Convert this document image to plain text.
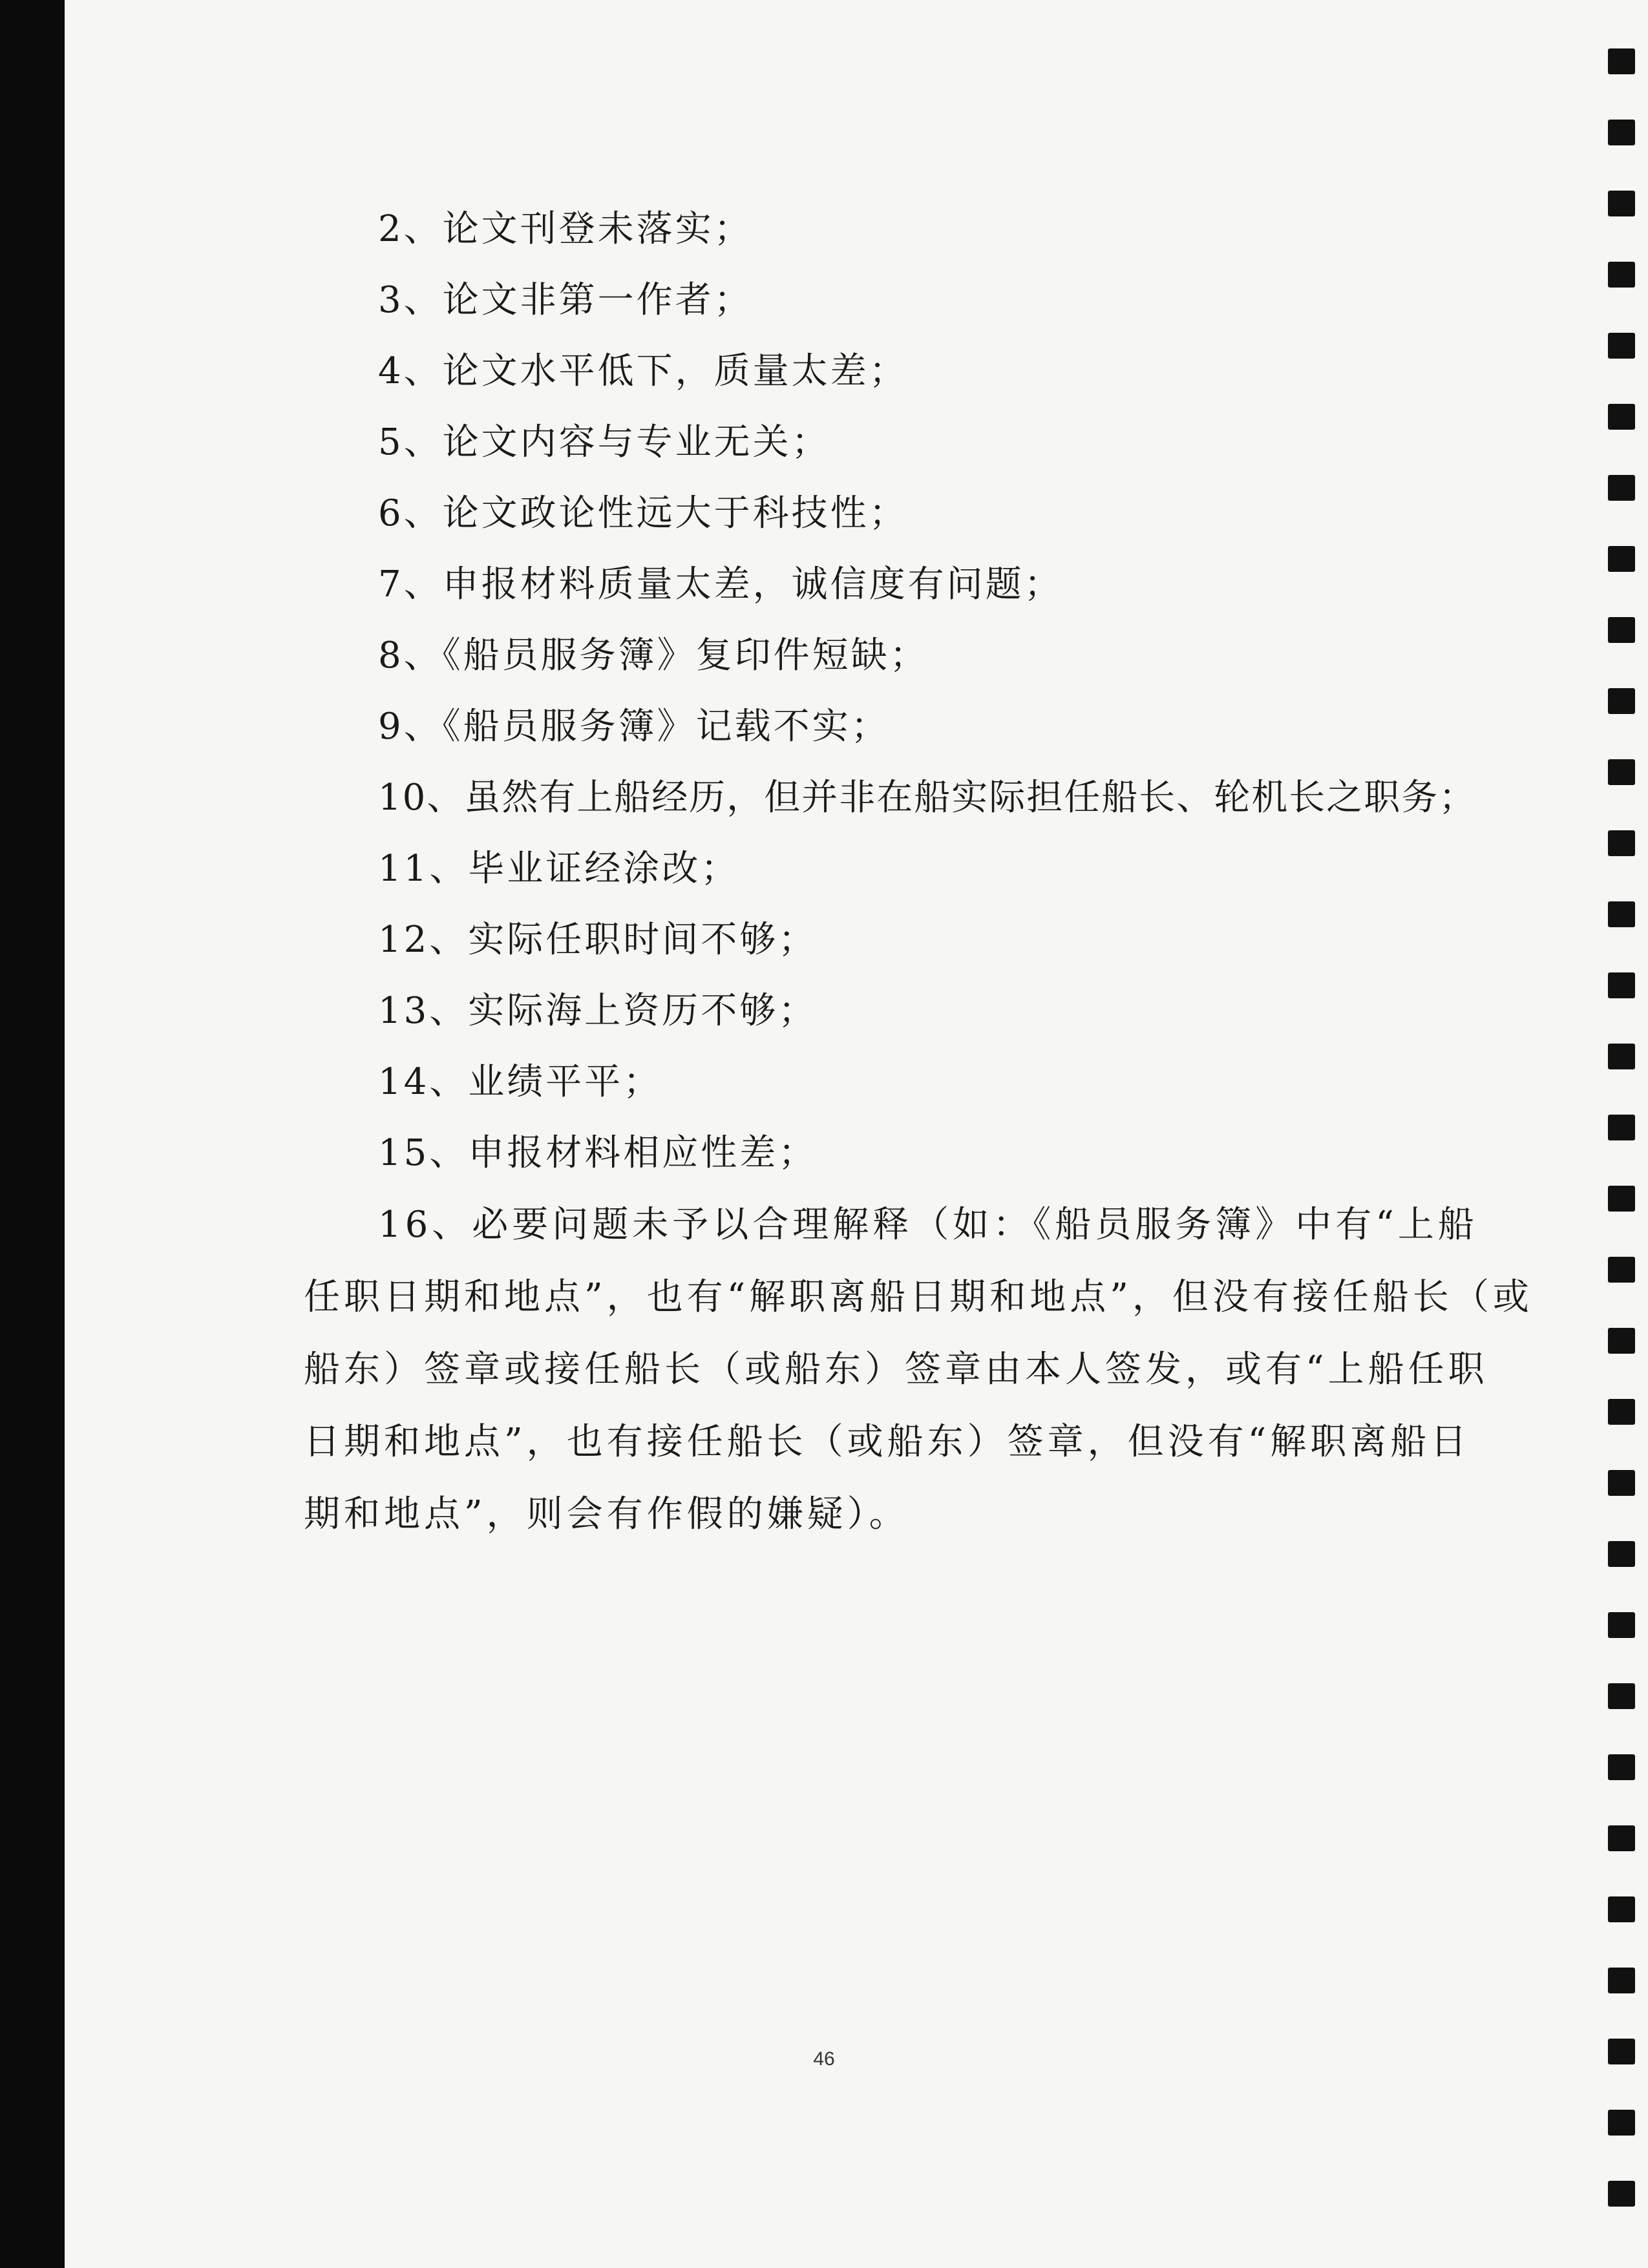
2、论文刊登未落实；
3、论文非第一作者；
4、论文水平低下，质量太差；
5、论文内容与专业无关；
6、论文政论性远大于科技性；
7、申报材料质量太差，诚信度有问题；
8、《船员服务簿》复印件短缺；
9、《船员服务簿》记载不实；
10、虽然有上船经历，但并非在船实际担任船长、轮机长之职务；
11、毕业证经涂改；
12、实际任职时间不够；
13、实际海上资历不够；
14、业绩平平；
15、申报材料相应性差；
16、必要问题未予以合理解释（如：《船员服务簿》中有“上船
任职日期和地点”，也有“解职离船日期和地点”，但没有接任船长（或
船东）签章或接任船长（或船东）签章由本人签发，或有“上船任职
日期和地点”，也有接任船长（或船东）签章，但没有“解职离船日
期和地点”，则会有作假的嫌疑）。
46
